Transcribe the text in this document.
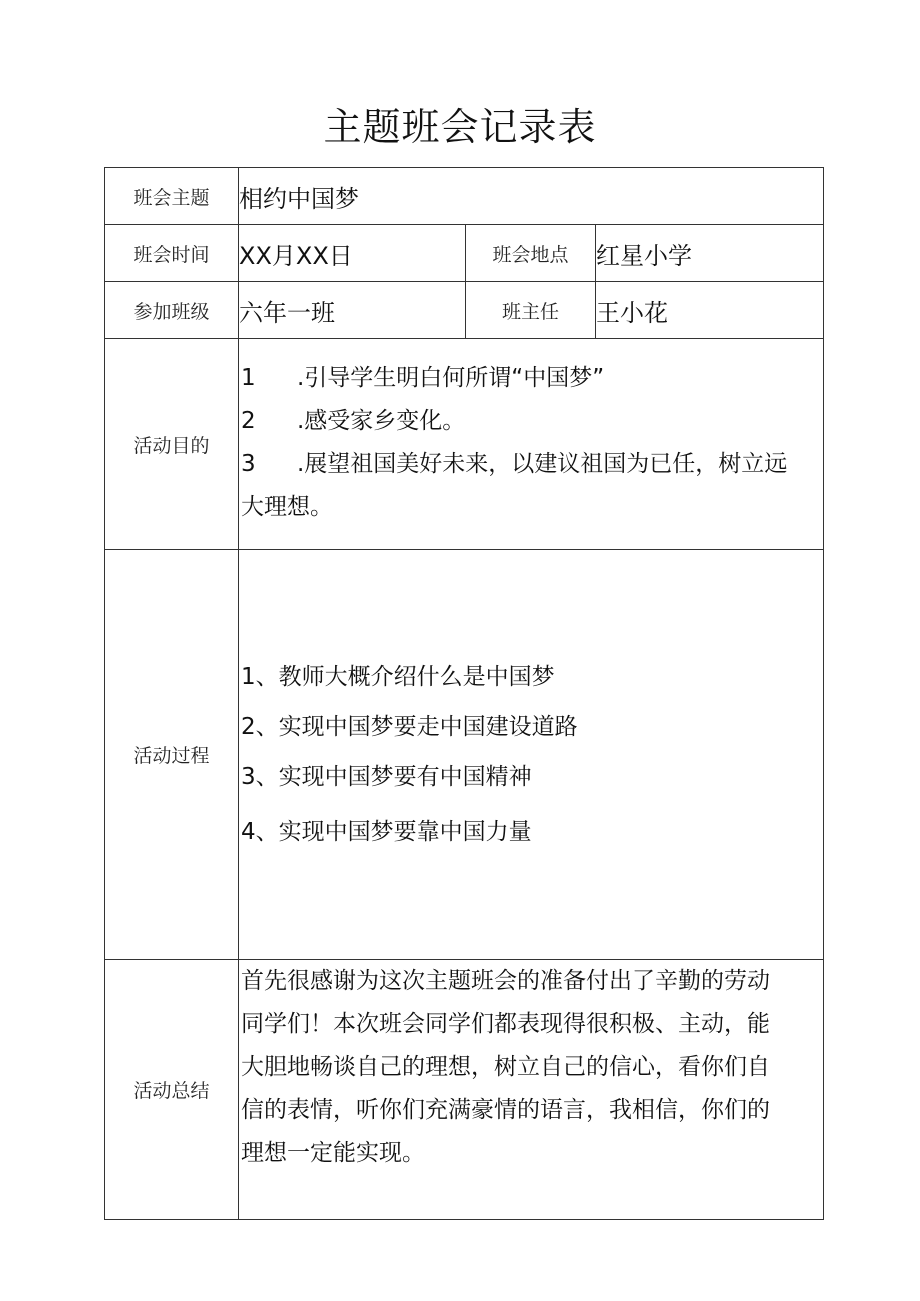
主题班会记录表
班会主题	相约中国梦		
班会时间	XX月XX日	班会地点	红星小学
参加班级	六年一班	班主任	王小花
活动目的	1 .引导学生明白何所谓“中国梦”
2 .感受家乡变化。
3 .展望祖国美好未来，以建议祖国为已任，树立远
大理想。		

活动过程	1、教师大概介绍什么是中国梦
2、实现中国梦要走中国建设道路
3、实现中国梦要有中国精神
4、实现中国梦要靠中国力量		

活动总结	首先很感谢为这次主题班会的准备付出了辛勤的劳动
同学们！本次班会同学们都表现得很积极、主动，能
大胆地畅谈自己的理想，树立自己的信心，看你们自
信的表情，听你们充满豪情的语言，我相信，你们的
理想一定能实现。		
